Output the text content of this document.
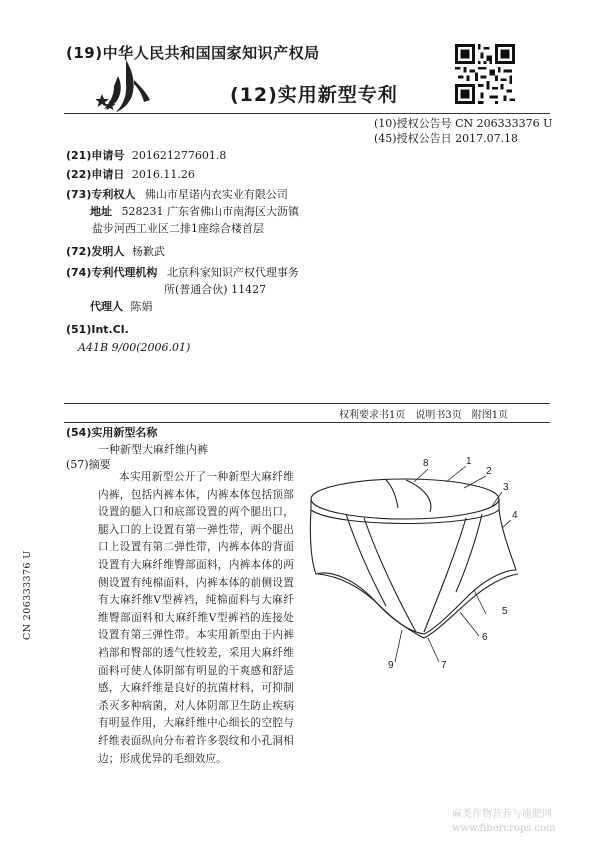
(19)中华人民共和国国家知识产权局
(12)实用新型专利
(10)授权公告号 CN 206333376 U
(45)授权公告日 2017.07.18
(21)申请号 201621277601.8
(22)申请日 2016.11.26
(73)专利权人 佛山市星诺内衣实业有限公司
地址 528231 广东省佛山市南海区大沥镇
盐步河西工业区二排1座综合楼首层
(72)发明人 杨歉武
(74)专利代理机构 北京科家知识产权代理事务
所(普通合伙) 11427
代理人 陈娟
(51)Int.Cl.
A41B 9/00(2006.01)
权利要求书1页　说明书3页　附图1页
(54)实用新型名称
一种新型大麻纤维内裤
(57)摘要
本实用新型公开了一种新型大麻纤维内裤，包括内裤本体，内裤本体包括顶部设置的腿入口和底部设置的两个腿出口，腿入口的上设置有第一弹性带，两个腿出口上设置有第二弹性带，内裤本体的背面设置有大麻纤维臀部面料，内裤本体的两侧设置有纯棉面料，内裤本体的前侧设置有大麻纤维V型裤裆，纯棉面料与大麻纤维臀部面料和大麻纤维V型裤裆的连接处设置有第三弹性带。本实用新型由于内裤裆部和臀部的透气性较差，采用大麻纤维面料可使人体阴部有明显的干爽感和舒适感，大麻纤维是良好的抗菌材料，可抑制杀灭多种病菌，对人体阴部卫生防止疾病有明显作用，大麻纤维中心细长的空腔与纤维表面纵向分布着许多裂纹和小孔洞相边；形成优异的毛细效应。
8	1
2
3
4
5
6
7
9
CN 206333376 U
麻类作物营养与施肥网
www.fibercrops.com
